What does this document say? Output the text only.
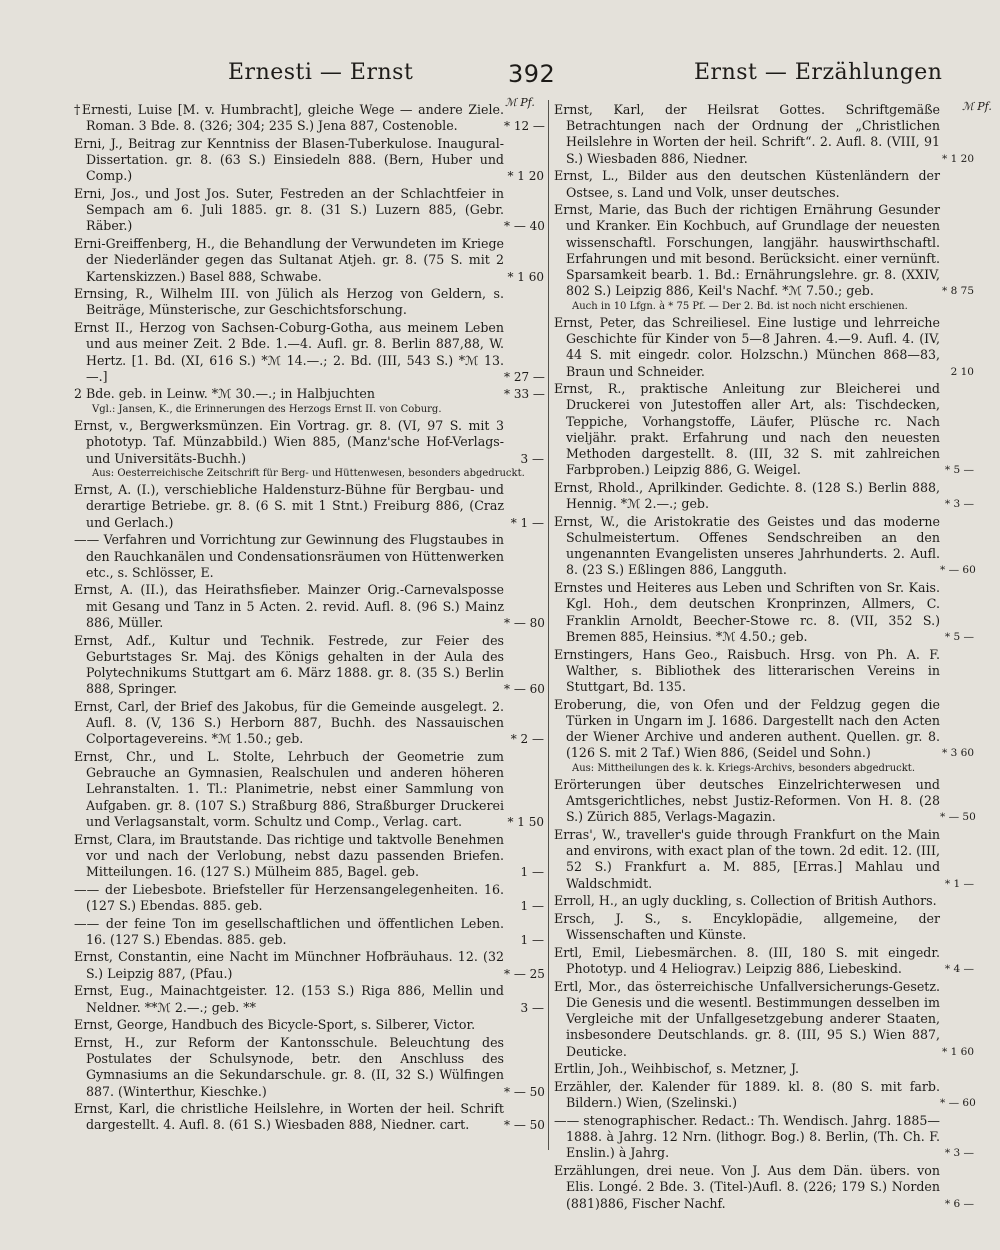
Ernesti — Ernst	392	Ernst — Erzählungen
ℳ Pf.	ℳ Pf.
†Ernesti, Luise [M. v. Humbracht], gleiche Wege — andere Ziele. Roman. 3 Bde. 8. (326; 304; 235 S.) Jena 887, Costenoble.	* 12 —
Erni, J., Beitrag zur Kenntniss der Blasen-Tuberkulose. Inaugural-Dissertation. gr. 8. (63 S.) Einsiedeln 888. (Bern, Huber und Comp.)	* 1 20
Erni, Jos., und Jost Jos. Suter, Festreden an der Schlachtfeier in Sempach am 6. Juli 1885. gr. 8. (31 S.) Luzern 885, (Gebr. Räber.)	* — 40
Erni-Greiffenberg, H., die Behandlung der Verwundeten im Kriege der Niederländer gegen das Sultanat Atjeh. gr. 8. (75 S. mit 2 Kartenskizzen.) Basel 888, Schwabe.	* 1 60
Ernsing, R., Wilhelm III. von Jülich als Herzog von Geldern, s. Beiträge, Münsterische, zur Geschichtsforschung.
Ernst II., Herzog von Sachsen-Coburg-Gotha, aus meinem Leben und aus meiner Zeit. 2 Bde. 1.—4. Aufl. gr. 8. Berlin 887,88, W. Hertz. [1. Bd. (XI, 616 S.) *ℳ 14.—.; 2. Bd. (III, 543 S.) *ℳ 13.—.]	* 27 —
2 Bde. geb. in Leinw. *ℳ 30.—.; in Halbjuchten	* 33 —
Vgl.: Jansen, K., die Erinnerungen des Herzogs Ernst II. von Coburg.
Ernst, v., Bergwerksmünzen. Ein Vortrag. gr. 8. (VI, 97 S. mit 3 phototyp. Taf. Münzabbild.) Wien 885, (Manz'sche Hof-Verlags- und Universitäts-Buchh.)	3 —
Aus: Oesterreichische Zeitschrift für Berg- und Hüttenwesen, besonders abgedruckt.
Ernst, A. (I.), verschiebliche Haldensturz-Bühne für Bergbau- und derartige Betriebe. gr. 8. (6 S. mit 1 Stnt.) Freiburg 886, (Craz und Gerlach.)	* 1 —
—— Verfahren und Vorrichtung zur Gewinnung des Flugstaubes in den Rauchkanälen und Condensationsräumen von Hüttenwerken etc., s. Schlösser, E.
Ernst, A. (II.), das Heirathsfieber. Mainzer Orig.-Carnevalsposse mit Gesang und Tanz in 5 Acten. 2. revid. Aufl. 8. (96 S.) Mainz 886, Müller.	* — 80
Ernst, Adf., Kultur und Technik. Festrede, zur Feier des Geburtstages Sr. Maj. des Königs gehalten in der Aula des Polytechnikums Stuttgart am 6. März 1888. gr. 8. (35 S.) Berlin 888, Springer.	* — 60
Ernst, Carl, der Brief des Jakobus, für die Gemeinde ausgelegt. 2. Aufl. 8. (V, 136 S.) Herborn 887, Buchh. des Nassauischen Colportagevereins. *ℳ 1.50.; geb.	* 2 —
Ernst, Chr., und L. Stolte, Lehrbuch der Geometrie zum Gebrauche an Gymnasien, Realschulen und anderen höheren Lehranstalten. 1. Tl.: Planimetrie, nebst einer Sammlung von Aufgaben. gr. 8. (107 S.) Straßburg 886, Straßburger Druckerei und Verlagsanstalt, vorm. Schultz und Comp., Verlag. cart.	* 1 50
Ernst, Clara, im Brautstande. Das richtige und taktvolle Benehmen vor und nach der Verlobung, nebst dazu passenden Briefen. Mitteilungen. 16. (127 S.) Mülheim 885, Bagel. geb.	1 —
—— der Liebesbote. Briefsteller für Herzensangelegenheiten. 16. (127 S.) Ebendas. 885. geb.	1 —
—— der feine Ton im gesellschaftlichen und öffentlichen Leben. 16. (127 S.) Ebendas. 885. geb.	1 —
Ernst, Constantin, eine Nacht im Münchner Hofbräuhaus. 12. (32 S.) Leipzig 887, (Pfau.)	* — 25
Ernst, Eug., Mainachtgeister. 12. (153 S.) Riga 886, Mellin und Neldner. **ℳ 2.—.; geb. **	3 —
Ernst, George, Handbuch des Bicycle-Sport, s. Silberer, Victor.
Ernst, H., zur Reform der Kantonsschule. Beleuchtung des Postulates der Schulsynode, betr. den Anschluss des Gymnasiums an die Sekundarschule. gr. 8. (II, 32 S.) Wülfingen 887. (Winterthur, Kieschke.)	* — 50
Ernst, Karl, die christliche Heilslehre, in Worten der heil. Schrift dargestellt. 4. Aufl. 8. (61 S.) Wiesbaden 888, Niedner. cart.	* — 50
Ernst, Karl, der Heilsrat Gottes. Schriftgemäße Betrachtungen nach der Ordnung der „Christlichen Heilslehre in Worten der heil. Schrift“. 2. Aufl. 8. (VIII, 91 S.) Wiesbaden 886, Niedner.	* 1 20
Ernst, L., Bilder aus den deutschen Küstenländern der Ostsee, s. Land und Volk, unser deutsches.
Ernst, Marie, das Buch der richtigen Ernährung Gesunder und Kranker. Ein Kochbuch, auf Grundlage der neuesten wissenschaftl. Forschungen, langjähr. hauswirthschaftl. Erfahrungen und mit besond. Berücksicht. einer vernünft. Sparsamkeit bearb. 1. Bd.: Ernährungslehre. gr. 8. (XXIV, 802 S.) Leipzig 886, Keil's Nachf. *ℳ 7.50.; geb.	* 8 75
Auch in 10 Lfgn. à * 75 Pf. — Der 2. Bd. ist noch nicht erschienen.
Ernst, Peter, das Schreiliesel. Eine lustige und lehrreiche Geschichte für Kinder von 5—8 Jahren. 4.—9. Aufl. 4. (IV, 44 S. mit eingedr. color. Holzschn.) München 868—83, Braun und Schneider.	2 10
Ernst, R., praktische Anleitung zur Bleicherei und Druckerei von Jutestoffen aller Art, als: Tischdecken, Teppiche, Vorhangstoffe, Läufer, Plüsche rc. Nach vieljähr. prakt. Erfahrung und nach den neuesten Methoden dargestellt. 8. (III, 32 S. mit zahlreichen Farbproben.) Leipzig 886, G. Weigel.	* 5 —
Ernst, Rhold., Aprilkinder. Gedichte. 8. (128 S.) Berlin 888, Hennig. *ℳ 2.—.; geb.	* 3 —
Ernst, W., die Aristokratie des Geistes und das moderne Schulmeistertum. Offenes Sendschreiben an den ungenannten Evangelisten unseres Jahrhunderts. 2. Aufl. 8. (23 S.) Eßlingen 886, Langguth.	* — 60
Ernstes und Heiteres aus Leben und Schriften von Sr. Kais. Kgl. Hoh., dem deutschen Kronprinzen, Allmers, C. Franklin Arnoldt, Beecher-Stowe rc. 8. (VII, 352 S.) Bremen 885, Heinsius. *ℳ 4.50.; geb.	* 5 —
Ernstingers, Hans Geo., Raisbuch. Hrsg. von Ph. A. F. Walther, s. Bibliothek des litterarischen Vereins in Stuttgart, Bd. 135.
Eroberung, die, von Ofen und der Feldzug gegen die Türken in Ungarn im J. 1686. Dargestellt nach den Acten der Wiener Archive und anderen authent. Quellen. gr. 8. (126 S. mit 2 Taf.) Wien 886, (Seidel und Sohn.)	* 3 60
Aus: Mittheilungen des k. k. Kriegs-Archivs, besonders abgedruckt.
Erörterungen über deutsches Einzelrichterwesen und Amtsgerichtliches, nebst Justiz-Reformen. Von H. 8. (28 S.) Zürich 885, Verlags-Magazin.	* — 50
Erras', W., traveller's guide through Frankfurt on the Main and environs, with exact plan of the town. 2d edit. 12. (III, 52 S.) Frankfurt a. M. 885, [Erras.] Mahlau und Waldschmidt.	* 1 —
Erroll, H., an ugly duckling, s. Collection of British Authors.
Ersch, J. S., s. Encyklopädie, allgemeine, der Wissenschaften und Künste.
Ertl, Emil, Liebesmärchen. 8. (III, 180 S. mit eingedr. Phototyp. und 4 Heliograv.) Leipzig 886, Liebeskind.	* 4 —
Ertl, Mor., das österreichische Unfallversicherungs-Gesetz. Die Genesis und die wesentl. Bestimmungen desselben im Vergleiche mit der Unfallgesetzgebung anderer Staaten, insbesondere Deutschlands. gr. 8. (III, 95 S.) Wien 887, Deuticke.	* 1 60
Ertlin, Joh., Weihbischof, s. Metzner, J.
Erzähler, der. Kalender für 1889. kl. 8. (80 S. mit farb. Bildern.) Wien, (Szelinski.)	* — 60
—— stenographischer. Redact.: Th. Wendisch. Jahrg. 1885—1888. à Jahrg. 12 Nrn. (lithogr. Bog.) 8. Berlin, (Th. Ch. F. Enslin.) à Jahrg.	* 3 —
Erzählungen, drei neue. Von J. Aus dem Dän. übers. von Elis. Longé. 2 Bde. 3. (Titel-)Aufl. 8. (226; 179 S.) Norden (881)886, Fischer Nachf.	* 6 —
